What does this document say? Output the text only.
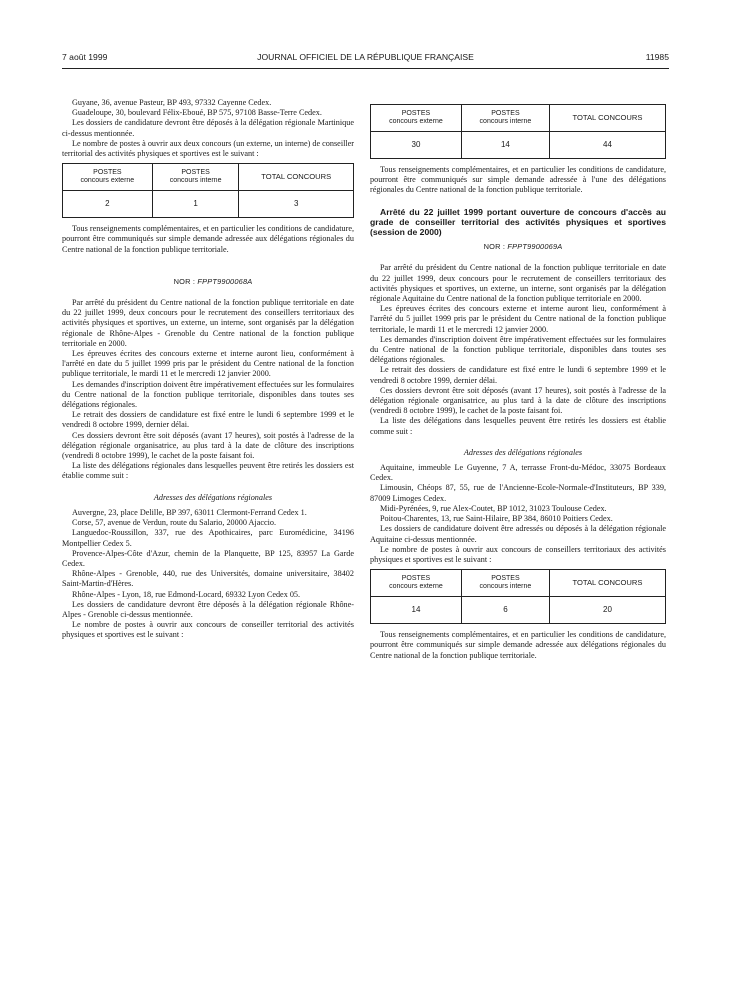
7 août 1999	JOURNAL OFFICIEL DE LA RÉPUBLIQUE FRANÇAISE	11985

Guyane, 36, avenue Pasteur, BP 493, 97332 Cayenne Cedex.

Guadeloupe, 30, boulevard Félix-Eboué, BP 575, 97108 Basse-Terre Cedex.

Les dossiers de candidature devront être déposés à la délégation régionale Martinique ci-dessus mentionnée.

Le nombre de postes à ouvrir aux deux concours (un externe, un interne) de conseiller territorial des activités physiques et sportives est le suivant :

POSTES
concours externe	POSTES
concours interne	TOTAL CONCOURS
2	1	3

Tous renseignements complémentaires, et en particulier les conditions de candidature, pourront être communiqués sur simple demande adressée aux délégations régionales du Centre national de la fonction publique territoriale.

NOR : FPPT9900068A

Par arrêté du président du Centre national de la fonction publique territoriale en date du 22 juillet 1999, deux concours pour le recrutement des conseillers territoriaux des activités physiques et sportives, un externe, un interne, sont organisés par la délégation régionale de Rhône-Alpes - Grenoble du Centre national de la fonction publique territoriale en 2000.

Les épreuves écrites des concours externe et interne auront lieu, conformément à l'arrêté en date du 5 juillet 1999 pris par le président du Centre national de la fonction publique territoriale, le mardi 11 et le mercredi 12 janvier 2000.

Les demandes d'inscription doivent être impérativement effectuées sur les formulaires du Centre national de la fonction publique territoriale, disponibles dans toutes ses délégations régionales.

Le retrait des dossiers de candidature est fixé entre le lundi 6 septembre 1999 et le vendredi 8 octobre 1999, dernier délai.

Ces dossiers devront être soit déposés (avant 17 heures), soit postés à l'adresse de la délégation régionale organisatrice, au plus tard à la date de clôture des inscriptions (vendredi 8 octobre 1999), le cachet de la poste faisant foi.

La liste des délégations régionales dans lesquelles peuvent être retirés les dossiers est établie comme suit :

Adresses des délégations régionales

Auvergne, 23, place Delille, BP 397, 63011 Clermont-Ferrand Cedex 1.

Corse, 57, avenue de Verdun, route du Salario, 20000 Ajaccio.

Languedoc-Roussillon, 337, rue des Apothicaires, parc Euromédicine, 34196 Montpellier Cedex 5.

Provence-Alpes-Côte d'Azur, chemin de la Planquette, BP 125, 83957 La Garde Cedex.

Rhône-Alpes - Grenoble, 440, rue des Universités, domaine universitaire, 38402 Saint-Martin-d'Hères.

Rhône-Alpes - Lyon, 18, rue Edmond-Locard, 69332 Lyon Cedex 05.

Les dossiers de candidature devront être déposés à la délégation régionale Rhône-Alpes - Grenoble ci-dessus mentionnée.

Le nombre de postes à ouvrir aux concours de conseiller territorial des activités physiques et sportives est le suivant :

POSTES
concours externe	POSTES
concours interne	TOTAL CONCOURS
30	14	44

Tous renseignements complémentaires, et en particulier les conditions de candidature, pourront être communiqués sur simple demande adressée à l'une des délégations régionales du Centre national de la fonction publique territoriale.

Arrêté du 22 juillet 1999 portant ouverture de concours d'accès au grade de conseiller territorial des activités physiques et sportives (session de 2000)

NOR : FPPT9900069A

Par arrêté du président du Centre national de la fonction publique territoriale en date du 22 juillet 1999, deux concours pour le recrutement de conseillers territoriaux des activités physiques et sportives, un externe, un interne, sont organisés par la délégation régionale Aquitaine du Centre national de la fonction publique territoriale en 2000.

Les épreuves écrites des concours externe et interne auront lieu, conformément à l'arrêté du 5 juillet 1999 pris par le président du Centre national de la fonction publique territoriale, le mardi 11 et le mercredi 12 janvier 2000.

Les demandes d'inscription doivent être impérativement effectuées sur les formulaires du Centre national de la fonction publique territoriale, disponibles dans toutes ses délégations régionales.

Le retrait des dossiers de candidature est fixé entre le lundi 6 septembre 1999 et le vendredi 8 octobre 1999, dernier délai.

Ces dossiers devront être soit déposés (avant 17 heures), soit postés à l'adresse de la délégation régionale organisatrice, au plus tard à la date de clôture des inscriptions (vendredi 8 octobre 1999), le cachet de la poste faisant foi.

La liste des délégations dans lesquelles peuvent être retirés les dossiers est établie comme suit :

Adresses des délégations régionales

Aquitaine, immeuble Le Guyenne, 7 A, terrasse Front-du-Médoc, 33075 Bordeaux Cedex.

Limousin, Chéops 87, 55, rue de l'Ancienne-Ecole-Normale-d'Instituteurs, BP 339, 87009 Limoges Cedex.

Midi-Pyrénées, 9, rue Alex-Coutet, BP 1012, 31023 Toulouse Cedex.

Poitou-Charentes, 13, rue Saint-Hilaire, BP 384, 86010 Poitiers Cedex.

Les dossiers de candidature doivent être adressés ou déposés à la délégation régionale Aquitaine ci-dessus mentionnée.

Le nombre de postes à ouvrir aux concours de conseillers territoriaux des activités physiques et sportives est le suivant :

POSTES
concours externe	POSTES
concours interne	TOTAL CONCOURS
14	6	20

Tous renseignements complémentaires, et en particulier les conditions de candidature, pourront être communiqués sur simple demande adressée aux délégations régionales du Centre national de la fonction publique territoriale.
